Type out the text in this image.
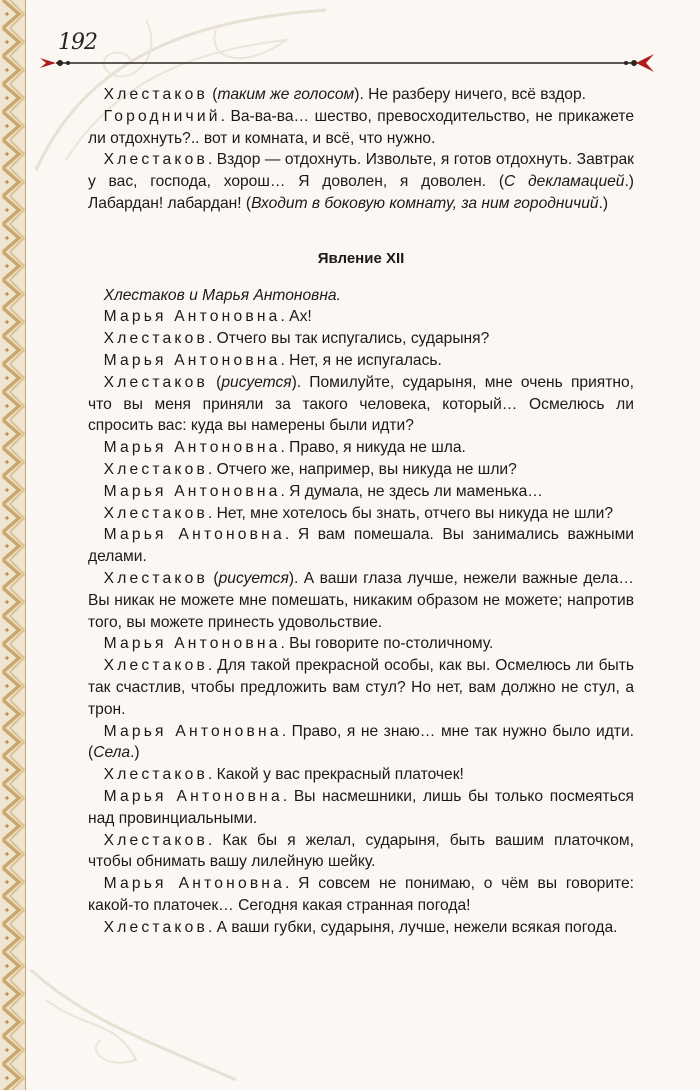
192

 Хлестаков (таким же голосом). Не разберу ничего, всё вздор.

 Городничий. Ва-ва-ва… шество, превосходительство, не прикажете ли отдохнуть?.. вот и комната, и всё, что нужно.

 Хлестаков. Вздор — отдохнуть. Извольте, я готов отдохнуть. Завтрак у вас, господа, хорош… Я доволен, я доволен. (С декламацией.) Лабардан! лабардан! (Входит в боковую комнату, за ним городничий.)

Явление XII

 Хлестаков и Марья Антоновна.

 Марья Антоновна. Ах!

 Хлестаков. Отчего вы так испугались, сударыня?

 Марья Антоновна. Нет, я не испугалась.

 Хлестаков (рисуется). Помилуйте, сударыня, мне очень приятно, что вы меня приняли за такого человека, который… Осмелюсь ли спросить вас: куда вы намерены были идти?

 Марья Антоновна. Право, я никуда не шла.

 Хлестаков. Отчего же, например, вы никуда не шли?

 Марья Антоновна. Я думала, не здесь ли маменька…

 Хлестаков. Нет, мне хотелось бы знать, отчего вы никуда не шли?

 Марья Антоновна. Я вам помешала. Вы занимались важными делами.

 Хлестаков (рисуется). А ваши глаза лучше, нежели важные дела… Вы никак не можете мне помешать, никаким образом не можете; напротив того, вы можете принесть удовольствие.

 Марья Антоновна. Вы говорите по-столичному.

 Хлестаков. Для такой прекрасной особы, как вы. Осмелюсь ли быть так счастлив, чтобы предложить вам стул? Но нет, вам должно не стул, а трон.

 Марья Антоновна. Право, я не знаю… мне так нужно было идти. (Села.)

 Хлестаков. Какой у вас прекрасный платочек!

 Марья Антоновна. Вы насмешники, лишь бы только посмеяться над провинциальными.

 Хлестаков. Как бы я желал, сударыня, быть вашим платочком, чтобы обнимать вашу лилейную шейку.

 Марья Антоновна. Я совсем не понимаю, о чём вы говорите: какой-то платочек… Сегодня какая странная погода!

 Хлестаков. А ваши губки, сударыня, лучше, нежели всякая погода.
